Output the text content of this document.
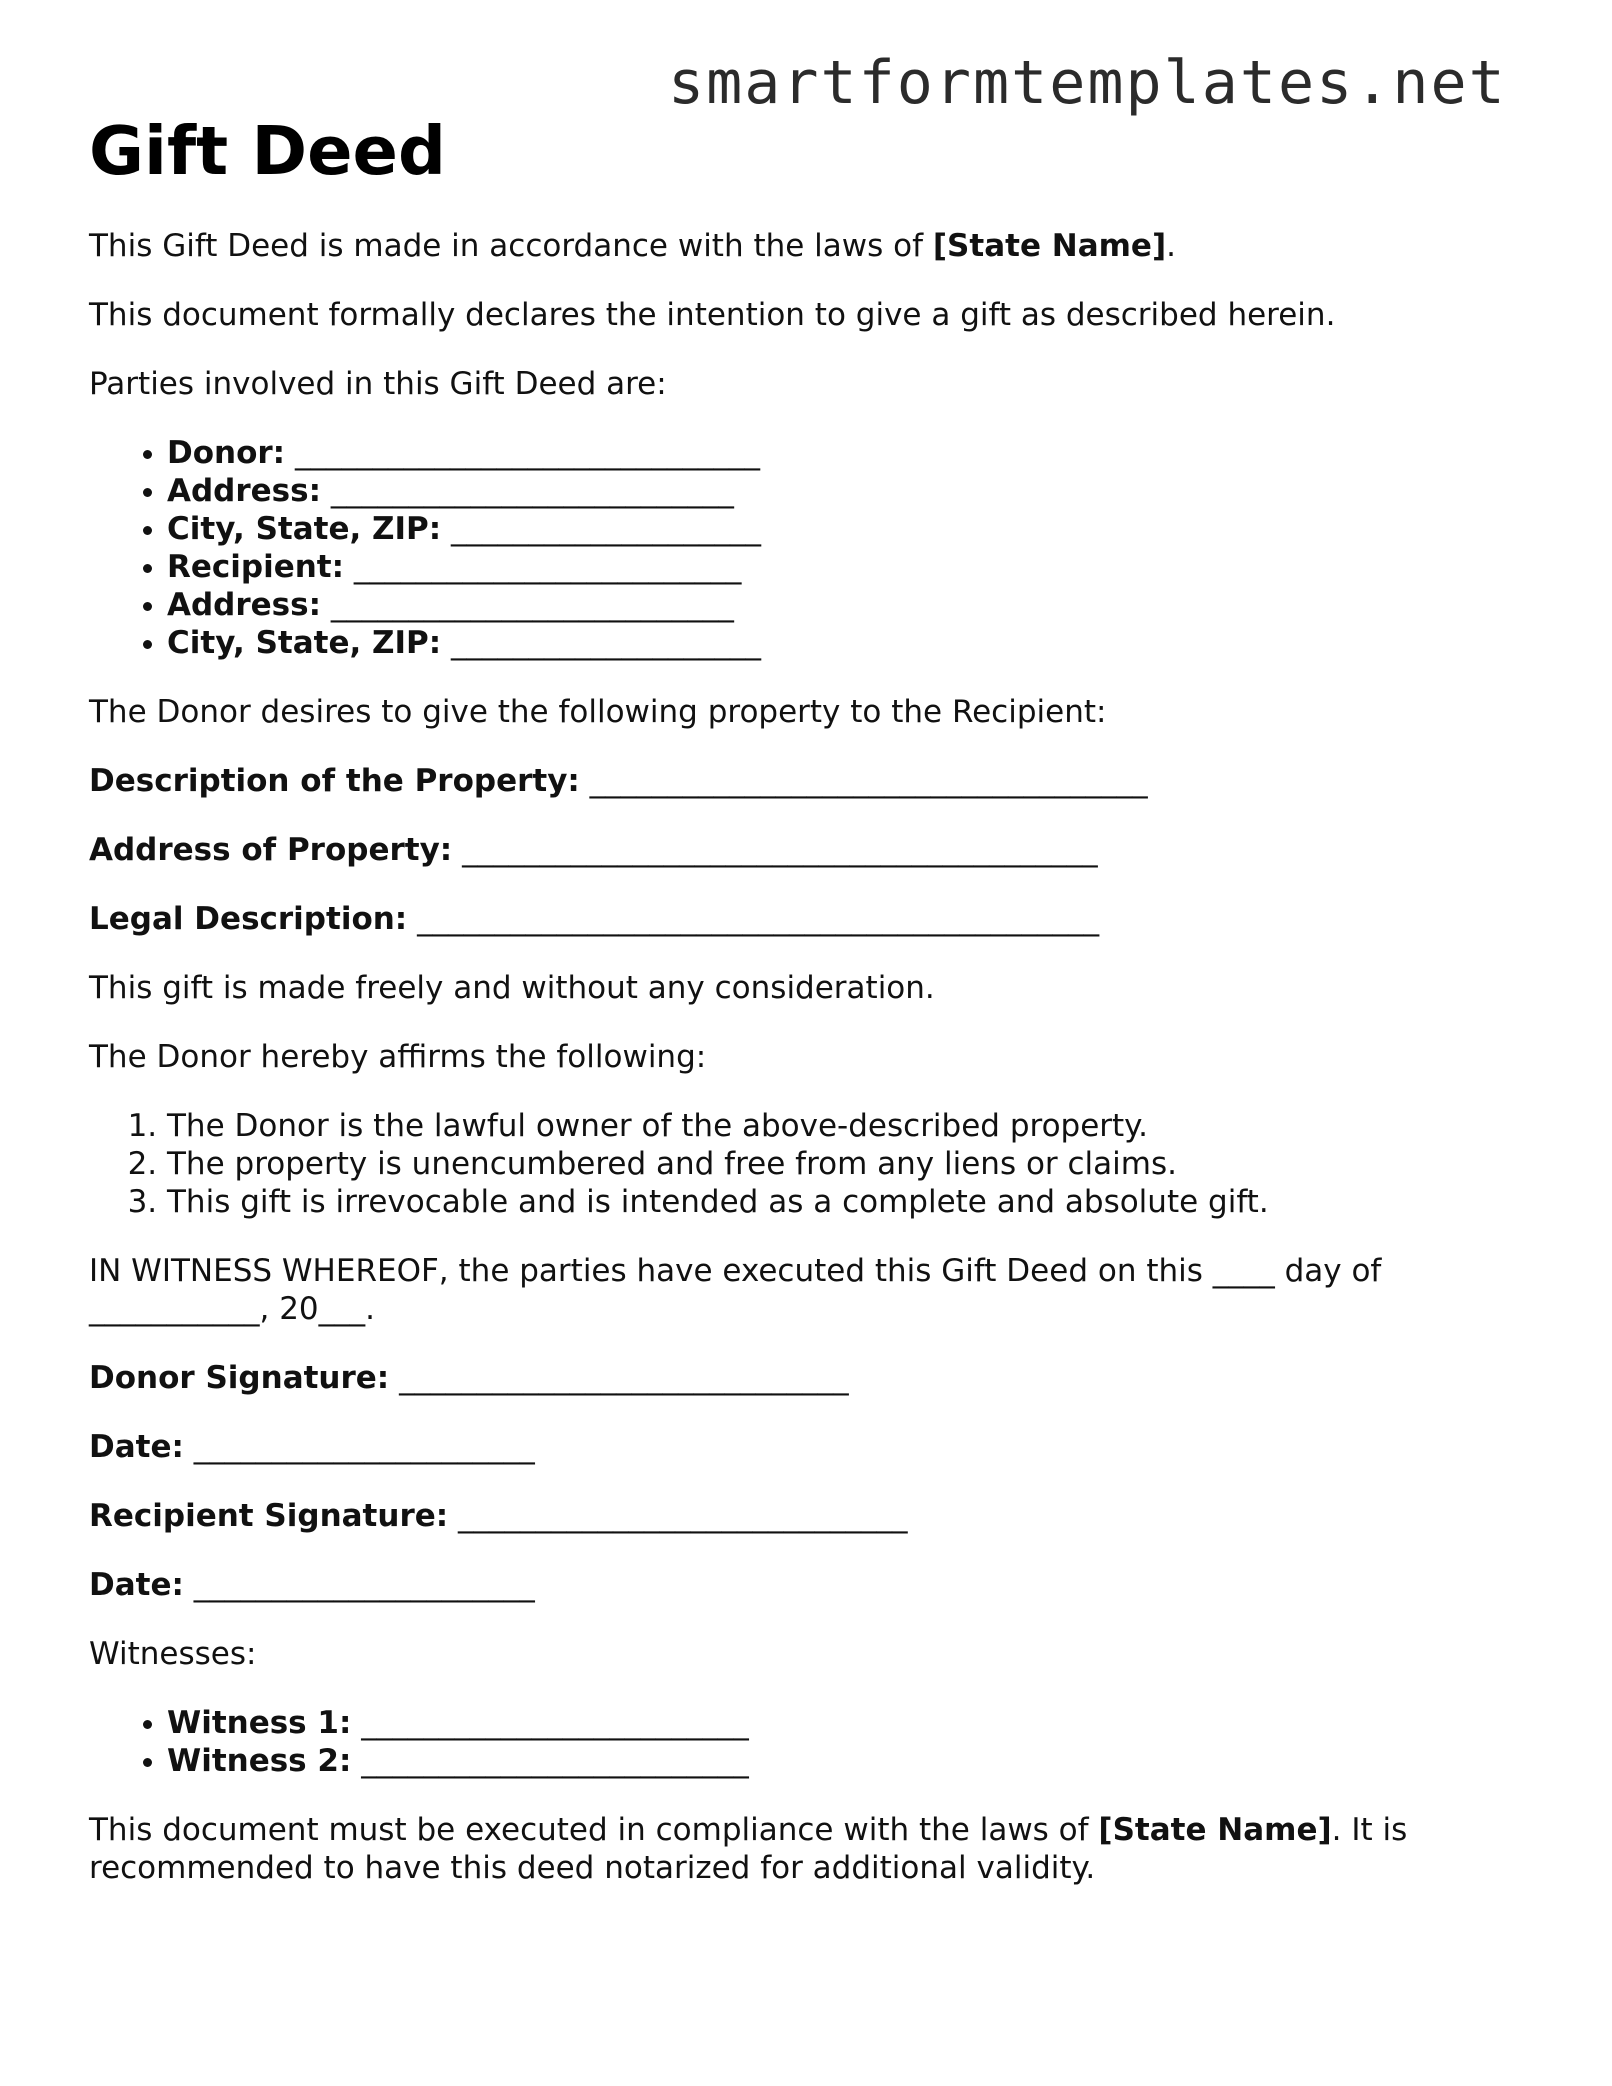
smartformtemplates.net
Gift Deed

This Gift Deed is made in accordance with the laws of [State Name].

This document formally declares the intention to give a gift as described herein.

Parties involved in this Gift Deed are:

• Donor: ______________________________
• Address: __________________________
• City, State, ZIP: ____________________
• Recipient: _________________________
• Address: __________________________
• City, State, ZIP: ____________________

The Donor desires to give the following property to the Recipient:

Description of the Property: ____________________________________

Address of Property: _________________________________________

Legal Description: ____________________________________________

This gift is made freely and without any consideration.

The Donor hereby affirms the following:

1. The Donor is the lawful owner of the above-described property.
2. The property is unencumbered and free from any liens or claims.
3. This gift is irrevocable and is intended as a complete and absolute gift.

IN WITNESS WHEREOF, the parties have executed this Gift Deed on this ____ day of
___________, 20___.

Donor Signature: _____________________________

Date: ______________________

Recipient Signature: _____________________________

Date: ______________________

Witnesses:

• Witness 1: _________________________
• Witness 2: _________________________

This document must be executed in compliance with the laws of [State Name]. It is recommended to have this deed notarized for additional validity.
